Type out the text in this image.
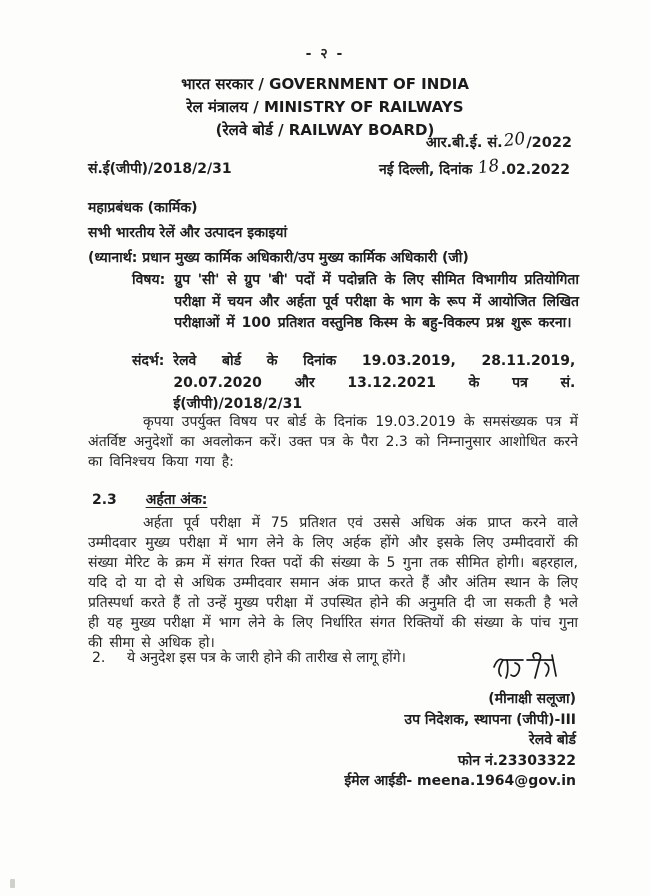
- २ -
भारत सरकार / GOVERNMENT OF INDIA
रेल मंत्रालय / MINISTRY OF RAILWAYS
(रेलवे बोर्ड / RAILWAY BOARD)
आर.बी.ई. सं.20/2022
सं.ई(जीपी)/2018/2/31	नई दिल्ली, दिनांक 18.02.2022
महाप्रबंधक (कार्मिक)
सभी भारतीय रेलें और उत्पादन इकाइयां
(ध्यानार्थ: प्रधान मुख्य कार्मिक अधिकारी/उप मुख्य कार्मिक अधिकारी (जी)
विषय: ग्रुप 'सी' से ग्रुप 'बी' पदों में पदोन्नति के लिए सीमित विभागीय प्रतियोगिता परीक्षा में चयन और अर्हता पूर्व परीक्षा के भाग के रूप में आयोजित लिखित परीक्षाओं में 100 प्रतिशत वस्तुनिष्ठ किस्म के बहु-विकल्प प्रश्न शुरू करना।
संदर्भ: रेलवे बोर्ड के दिनांक 19.03.2019, 28.11.2019, 20.07.2020 और 13.12.2021 के पत्र सं. ई(जीपी)/2018/2/31
कृपया उपर्युक्त विषय पर बोर्ड के दिनांक 19.03.2019 के समसंख्यक पत्र में अंतर्विष्ट अनुदेशों का अवलोकन करें। उक्त पत्र के पैरा 2.3 को निम्नानुसार आशोधित करने का विनिश्चय किया गया है:
2.3 अर्हता अंक:
अर्हता पूर्व परीक्षा में 75 प्रतिशत एवं उससे अधिक अंक प्राप्त करने वाले उम्मीदवार मुख्य परीक्षा में भाग लेने के लिए अर्हक होंगे और इसके लिए उम्मीदवारों की संख्या मेरिट के क्रम में संगत रिक्त पदों की संख्या के 5 गुना तक सीमित होगी। बहरहाल, यदि दो या दो से अधिक उम्मीदवार समान अंक प्राप्त करते हैं और अंतिम स्थान के लिए प्रतिस्पर्धा करते हैं तो उन्हें मुख्य परीक्षा में उपस्थित होने की अनुमति दी जा सकती है भले ही यह मुख्य परीक्षा में भाग लेने के लिए निर्धारित संगत रिक्तियों की संख्या के पांच गुना की सीमा से अधिक हो।
2. ये अनुदेश इस पत्र के जारी होने की तारीख से लागू होंगे।
(मीनाक्षी सलूजा)
उप निदेशक, स्थापना (जीपी)-III
रेलवे बोर्ड
फोन नं.23303322
ईमेल आईडी- meena.1964@gov.in
